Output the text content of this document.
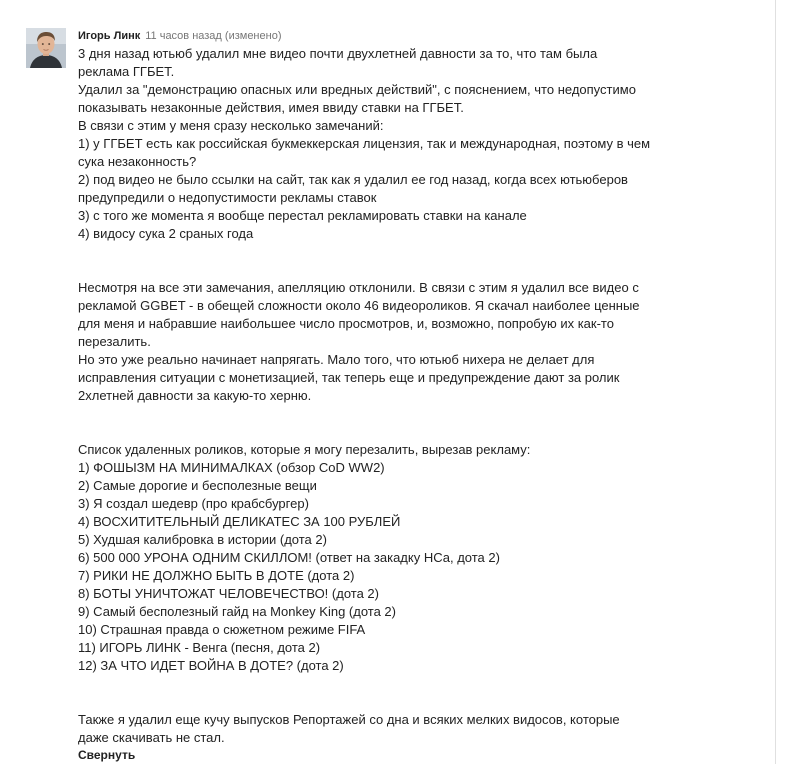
Игорь Линк 11 часов назад (изменено)
3 дня назад ютьюб удалил мне видео почти двухлетней давности за то, что там была
реклама ГГБЕТ.
Удалил за "демонстрацию опасных или вредных действий", с пояснением, что недопустимо
показывать незаконные действия, имея ввиду ставки на ГГБЕТ.
В связи с этим у меня сразу несколько замечаний:
1) у ГГБЕТ есть как российская букмеккерская лицензия, так и международная, поэтому в чем
сука незаконность?
2) под видео не было ссылки на сайт, так как я удалил ее год назад, когда всех ютьюберов
предупредили о недопустимости рекламы ставок
3) с того же момента я вообще перестал рекламировать ставки на канале
4) видосу сука 2 сраных года
Несмотря на все эти замечания, апелляцию отклонили. В связи с этим я удалил все видео с
рекламой GGBET - в обещей сложности около 46 видеороликов. Я скачал наиболее ценные
для меня и набравшие наибольшее число просмотров, и, возможно, попробую их как-то
перезалить.
Но это уже реально начинает напрягать. Мало того, что ютьюб нихера не делает для
исправления ситуации с монетизацией, так теперь еще и предупреждение дают за ролик
2хлетней давности за какую-то херню.
Список удаленных роликов, которые я могу перезалить, вырезав рекламу:
1) ФОШЫЗМ НА МИНИМАЛКАХ (обзор CoD WW2)
2) Самые дорогие и бесполезные вещи
3) Я создал шедевр (про крабсбургер)
4) ВОСХИТИТЕЛЬНЫЙ ДЕЛИКАТЕС ЗА 100 РУБЛЕЙ
5) Худшая калибровка в истории (дота 2)
6) 500 000 УРОНА ОДНИМ СКИЛЛОМ! (ответ на закадку НСа, дота 2)
7) РИКИ НЕ ДОЛЖНО БЫТЬ В ДОТЕ (дота 2)
8) БОТЫ УНИЧТОЖАТ ЧЕЛОВЕЧЕСТВО! (дота 2)
9) Самый бесполезный гайд на Monkey King (дота 2)
10) Страшная правда о сюжетном режиме FIFA
11) ИГОРЬ ЛИНК - Венга (песня, дота 2)
12) ЗА ЧТО ИДЕТ ВОЙНА В ДОТЕ? (дота 2)
Также я удалил еще кучу выпусков Репортажей со дна и всяких мелких видосов, которые
даже скачивать не стал.
Свернуть
